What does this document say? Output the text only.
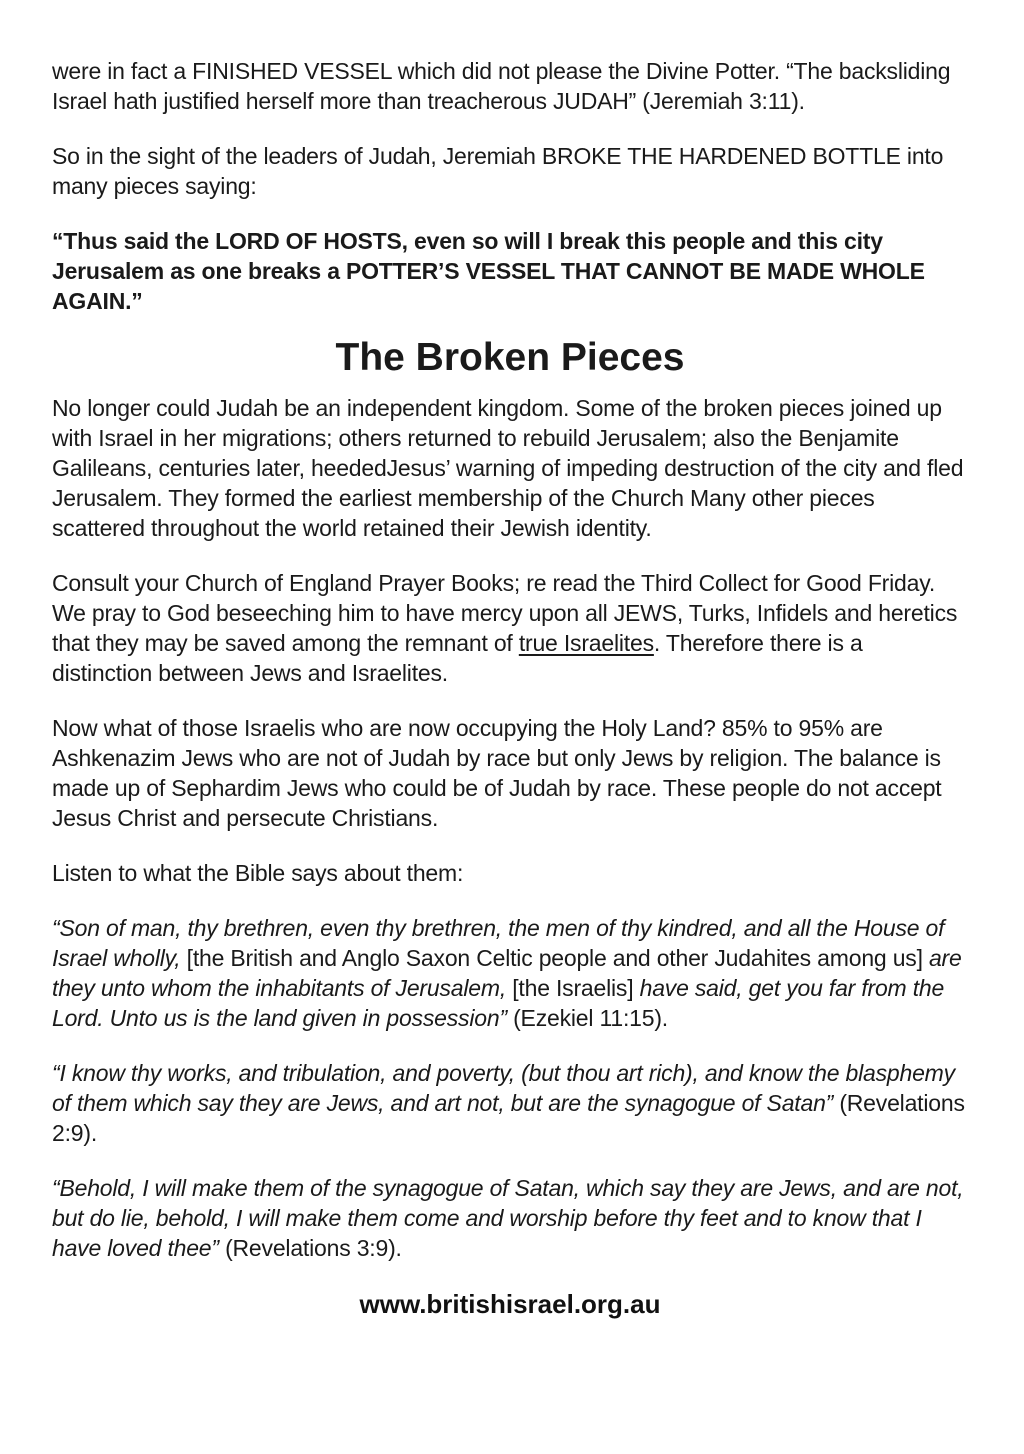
were in fact a FINISHED VESSEL which did not please the Divine Potter. “The backsliding Israel hath justified herself more than treacherous JUDAH” (Jeremiah 3:11).

So in the sight of the leaders of Judah, Jeremiah BROKE THE HARDENED BOTTLE into many pieces saying:

“Thus said the LORD OF HOSTS, even so will I break this people and this city Jerusalem as one breaks a POTTER’S VESSEL THAT CANNOT BE MADE WHOLE AGAIN.”

The Broken Pieces

No longer could Judah be an independent kingdom. Some of the broken pieces joined up with Israel in her migrations; others returned to rebuild Jerusalem; also the Benjamite Galileans, centuries later, heededJesus’ warning of impeding destruction of the city and fled Jerusalem. They formed the earliest membership of the Church Many other pieces scattered throughout the world retained their Jewish identity.

Consult your Church of England Prayer Books; re read the Third Collect for Good Friday. We pray to God beseeching him to have mercy upon all JEWS, Turks, Infidels and heretics that they may be saved among the remnant of true Israelites. Therefore there is a distinction between Jews and Israelites.

Now what of those Israelis who are now occupying the Holy Land? 85% to 95% are Ashkenazim Jews who are not of Judah by race but only Jews by religion. The balance is made up of Sephardim Jews who could be of Judah by race. These people do not accept Jesus Christ and persecute Christians.

Listen to what the Bible says about them:

“Son of man, thy brethren, even thy brethren, the men of thy kindred, and all the House of Israel wholly, [the British and Anglo Saxon Celtic people and other Judahites among us] are they unto whom the inhabitants of Jerusalem, [the Israelis] have said, get you far from the Lord. Unto us is the land given in possession” (Ezekiel 11:15).

“I know thy works, and tribulation, and poverty, (but thou art rich), and know the blasphemy of them which say they are Jews, and art not, but are the synagogue of Satan” (Revelations 2:9).

“Behold, I will make them of the synagogue of Satan, which say they are Jews, and are not, but do lie, behold, I will make them come and worship before thy feet and to know that I have loved thee” (Revelations 3:9).

www.britishisrael.org.au
